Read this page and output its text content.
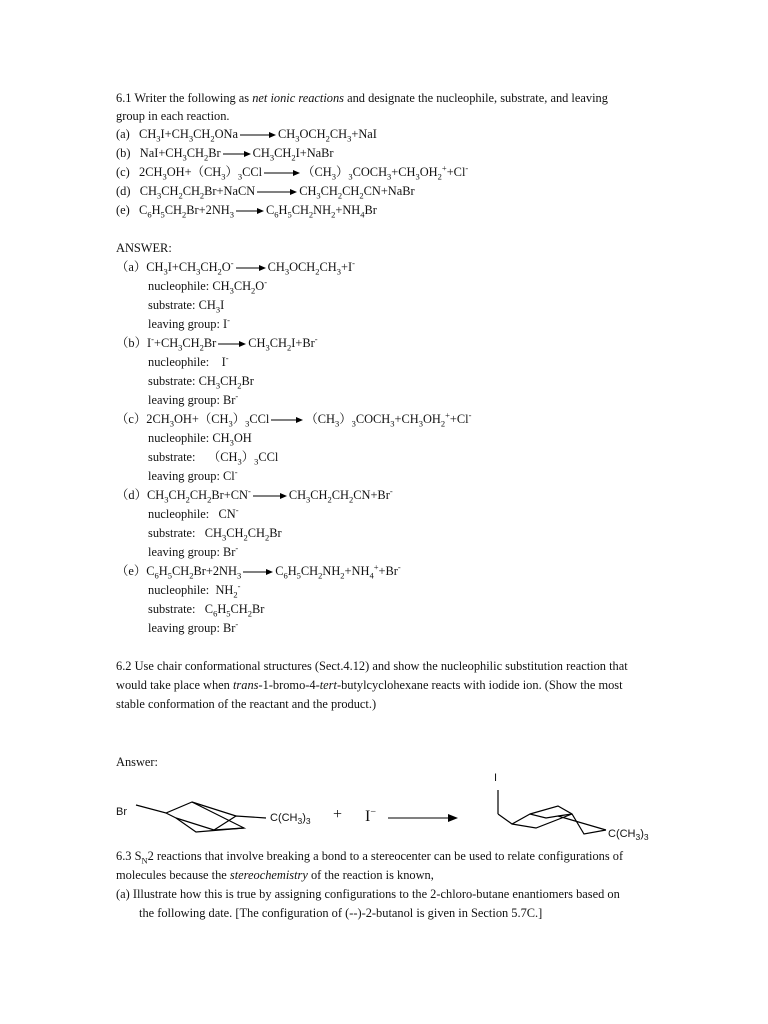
6.1 Writer the following as net ionic reactions and designate the nucleophile, substrate, and leaving
group in each reaction.
(a)   $CH_3I+CH_3CH_2ONa$	$CH_3OCH_2CH_3+NaI$
(b)   $NaI+CH_3CH_2Br$	$CH_3CH_2I+NaBr$
(c)   $2CH_3OH+(CH_3)_3CCl$	$(CH_3)_3COCH_3+CH_3OH_2^++Cl^-$
(d)   $CH_3CH_2CH_2Br+NaCN$	$CH_3CH_2CH_2CN+NaBr$
(e)   $C_6H_5CH_2Br+2NH_3$	$C_6H_5CH_2NH_2+NH_4Br$
ANSWER:
$(a)CH_3I+CH_3CH_2O^-$	$CH_3OCH_2CH_3+I^-$
nucleophile: $CH_3CH_2O^-$
substrate: $CH_3I$
leaving group: I-
$(b)I^-+CH_3CH_2Br$	$CH_3CH_2I+Br^-$
nucleophile:    I-
substrate: $CH_3CH_2Br$
leaving group: Br-
$(c)2CH_3OH+(CH_3)_3CCl$	$(CH_3)_3COCH_3+CH_3OH_2^++Cl^-$
nucleophile: $CH_3OH$
substrate:    $(CH_3)_3CCl$
leaving group: Cl-
$(d)CH_3CH_2CH_2Br+CN^-$	$CH_3CH_2CH_2CN+Br^-$
nucleophile:   CN-
substrate:   $CH_3CH_2CH_2Br$
leaving group: Br-
$(e)C_6H_5CH_2Br+2NH_3$	$C_6H_5CH_2NH_2+NH_4^++Br^-$
nucleophile:  $NH_2^-$
substrate:   $C_6H_5CH_2Br$
leaving group: Br-
6.2 Use chair conformational structures (Sect.4.12) and show the nucleophilic substitution reaction that
would take place when trans-1-bromo-4-tert-butylcyclohexane reacts with iodide ion. (Show the most
stable conformation of the reactant and the product.)
Answer:
Br	$C(CH_3)_3 + I^-$
I
$C(CH_3)_3$
6.3 $S_N2$ reactions that involve breaking a bond to a stereocenter can be used to relate configurations of
molecules because the stereochemistry of the reaction is known,
(a) Illustrate how this is true by assigning configurations to the 2-chloro-butane enantiomers based on
the following date. [The configuration of (--)-2-butanol is given in Section 5.7C.]
